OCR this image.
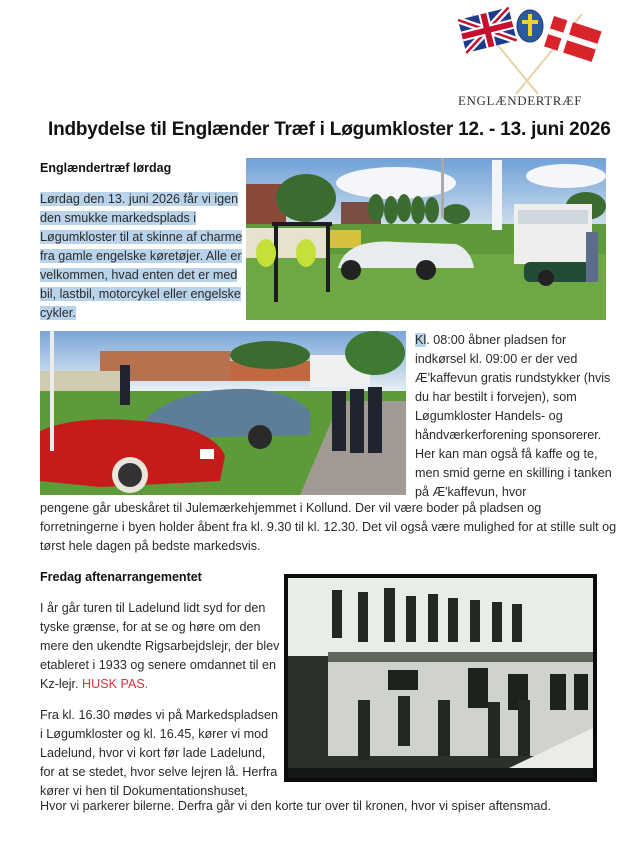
ENGLÆNDERTRÆF
Indbydelse til Englænder Træf i Løgumkloster 12. - 13. juni 2026
Englændertræf lørdag
Lørdag den 13. juni 2026 får vi igen
den smukke markedsplads i
Løgumkloster til at skinne af charme
fra gamle engelske køretøjer. Alle er
velkommen, hvad enten det er med
bil, lastbil, motorcykel eller engelske
cykler.
Kl. 08:00 åbner pladsen for indkørsel kl. 09:00 er der ved Æ'kaffevun gratis rundstykker (hvis du har bestilt i forvejen), som Løgumkloster Handels- og håndværkerforening sponsorerer. Her kan man også få kaffe og te, men smid gerne en skilling i tanken på Æ'kaffevun, hvor
pengene går ubeskåret til Julemærkehjemmet i Kollund. Der vil være boder på pladsen og forretningerne i byen holder åbent fra kl. 9.30 til kl. 12.30. Det vil også være mulighed for at stille sult og tørst hele dagen på bedste markedsvis.
Fredag aftenarrangementet
I år går turen til Ladelund lidt syd for den tyske grænse, for at se og høre om den mere den ukendte Rigsarbejdslejr, der blev etableret i 1933 og senere omdannet til en Kz-lejr. HUSK PAS.
Fra kl. 16.30 mødes vi på Markedspladsen i Løgumkloster og kl. 16.45, kører vi mod Ladelund, hvor vi kort før lade Ladelund, for at se stedet, hvor selve lejren lå. Herfra kører vi hen til Dokumentationshuset,
Hvor vi parkerer bilerne. Derfra går vi den korte tur over til kronen, hvor vi spiser aftensmad.
